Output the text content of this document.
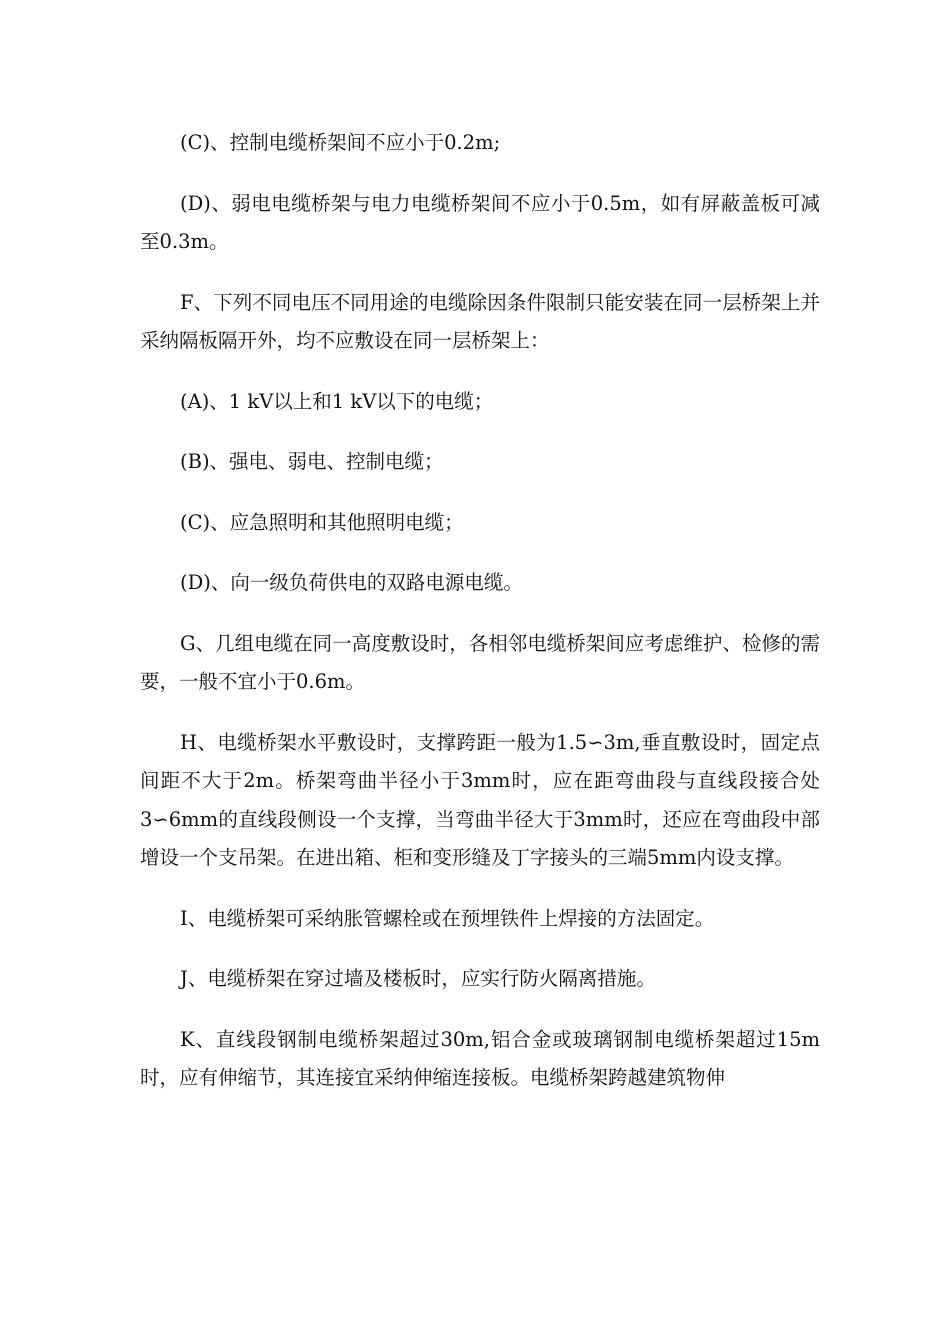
(C)、控制电缆桥架间不应小于0.2m;

(D)、弱电电缆桥架与电力电缆桥架间不应小于0.5m，如有屏蔽盖板可减至0.3m。

F、下列不同电压不同用途的电缆除因条件限制只能安装在同一层桥架上并采纳隔板隔开外，均不应敷设在同一层桥架上：

(A)、1 kV以上和1 kV以下的电缆；

(B)、强电、弱电、控制电缆；

(C)、应急照明和其他照明电缆；

(D)、向一级负荷供电的双路电源电缆。

G、几组电缆在同一高度敷设时，各相邻电缆桥架间应考虑维护、检修的需要，一般不宜小于0.6m。

H、电缆桥架水平敷设时，支撑跨距一般为1.5∽3m,垂直敷设时，固定点间距不大于2m。桥架弯曲半径小于3mm时，应在距弯曲段与直线段接合处3∽6mm的直线段侧设一个支撑，当弯曲半径大于3mm时，还应在弯曲段中部增设一个支吊架。在进出箱、柜和变形缝及丁字接头的三端5mm内设支撑。

I、电缆桥架可采纳胀管螺栓或在预埋铁件上焊接的方法固定。

J、电缆桥架在穿过墙及楼板时，应实行防火隔离措施。

K、直线段钢制电缆桥架超过30m,铝合金或玻璃钢制电缆桥架超过15m时，应有伸缩节，其连接宜采纳伸缩连接板。电缆桥架跨越建筑物伸
